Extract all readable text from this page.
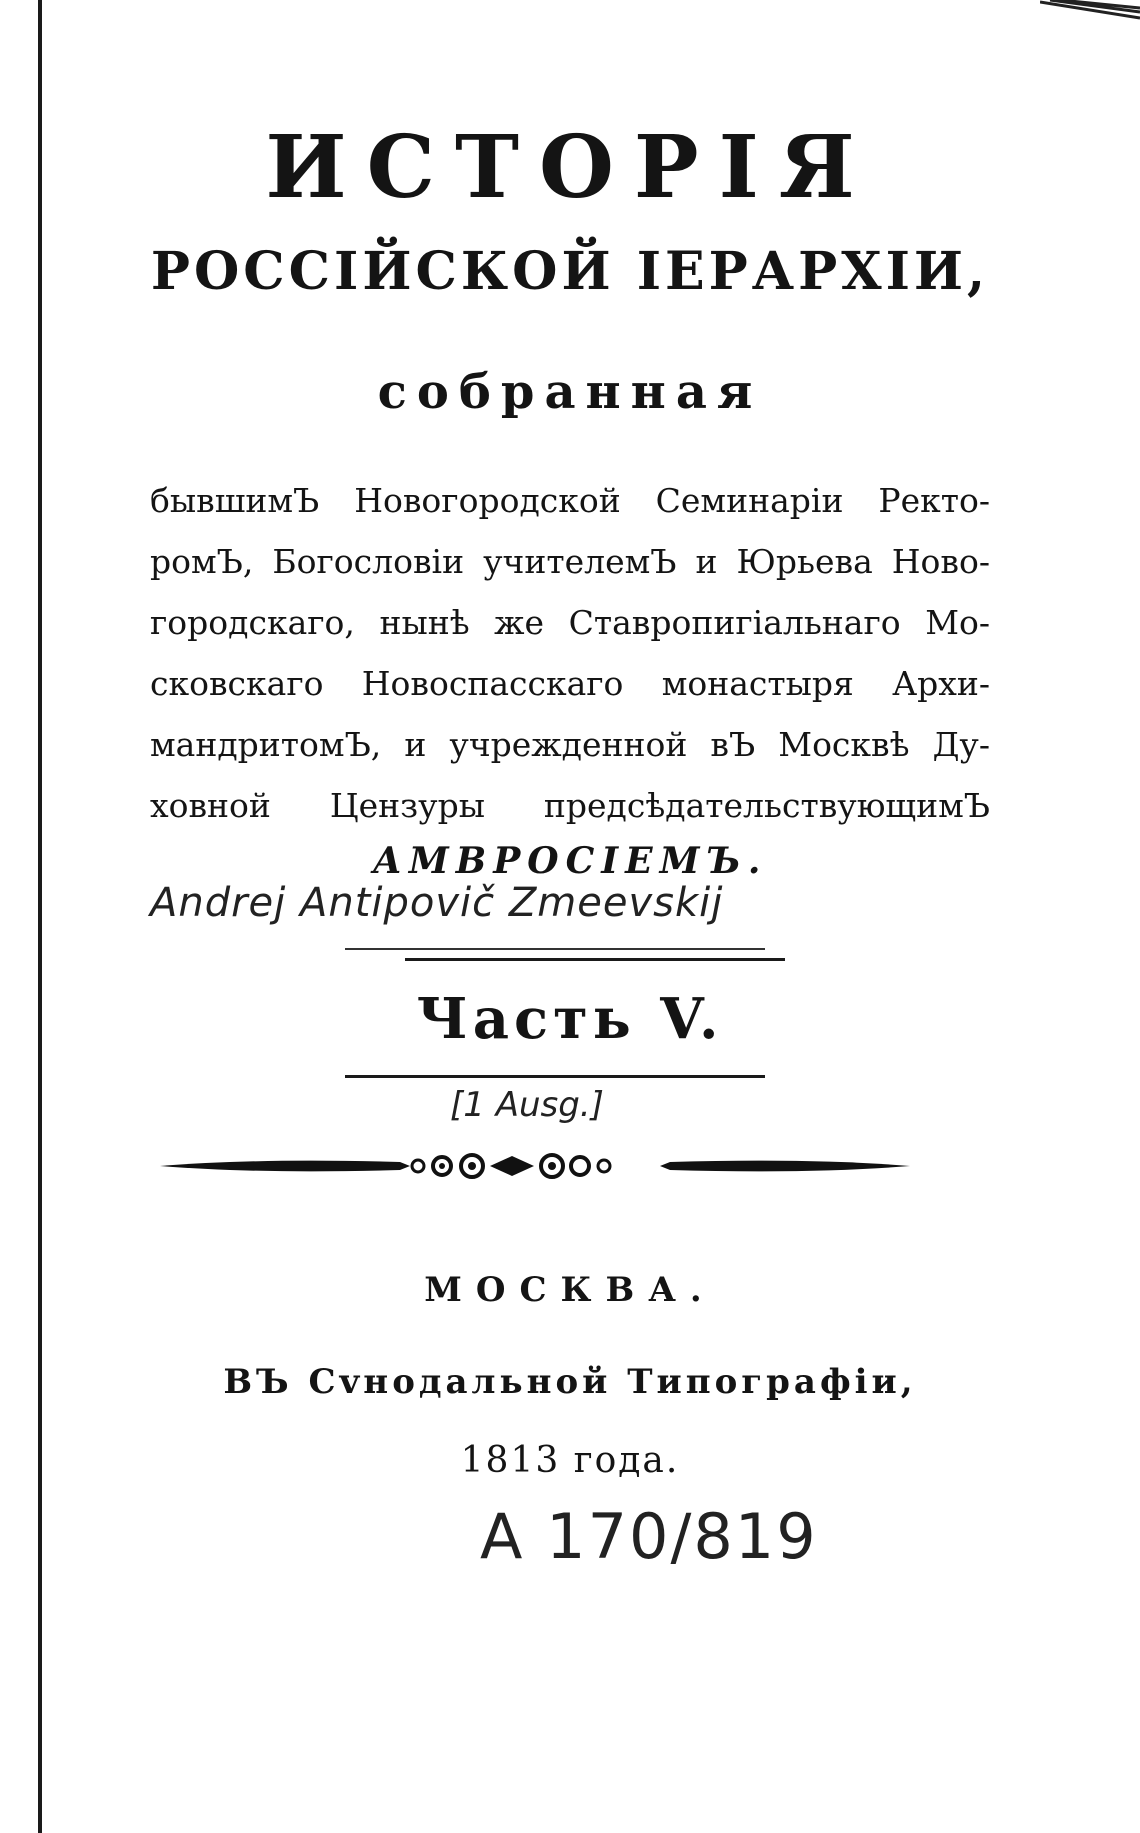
ИСТОРІЯ
РОССІЙСКОЙ ІЕРАРХІИ,
собранная
бывшимЪ Новогородской Семинаріи Ректо-
ромЪ, Богословіи учителемЪ и Юрьева Ново-
городскаго, нынѣ же Ставропигіальнаго Мо-
сковскаго Новоспасскаго монастыря Архи-
мандритомЪ, и учрежденной вЪ Москвѣ Ду-
ховной Цензуры предсѣдательствующимЪ
АМВРОСІЕМЪ.
Andrej Antipovič Zmeevskij
Часть V.
[1 Ausg.]
МОСКВА.
ВЪ Сvнодальной Типографіи,
1813 года.
A 170/819
